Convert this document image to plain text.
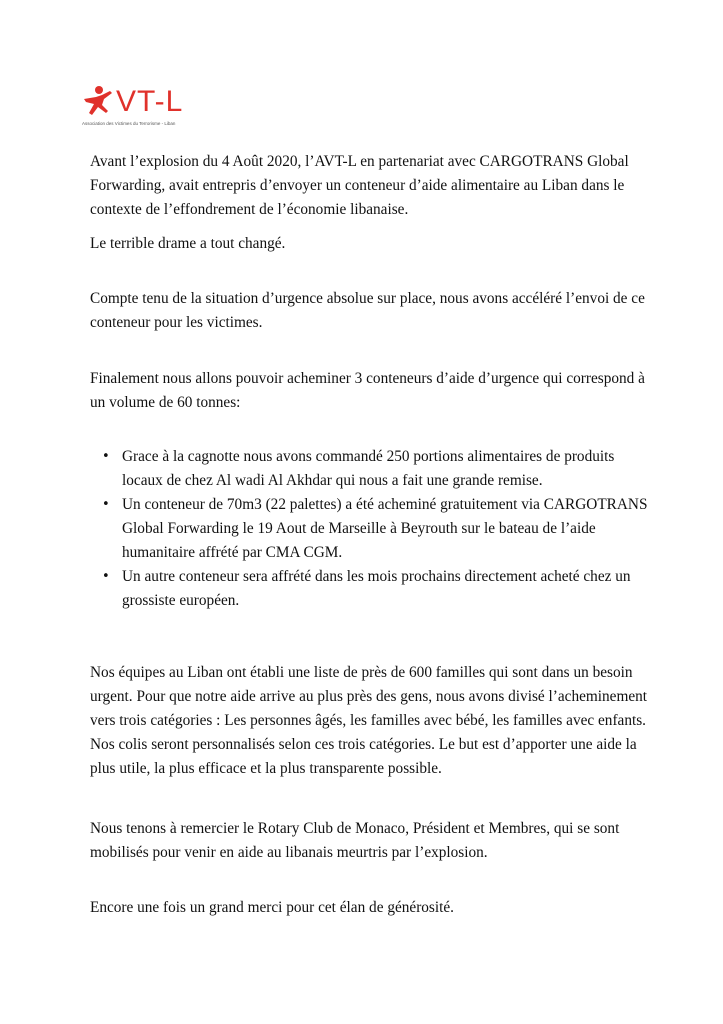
VT-L
Association des Victimes du Terrorisme - Liban

Avant l’explosion du 4 Août 2020, l’AVT-L en partenariat avec CARGOTRANS Global Forwarding, avait entrepris d’envoyer un conteneur d’aide alimentaire au Liban dans le contexte de l’effondrement de l’économie libanaise.

Le terrible drame a tout changé.

Compte tenu de la situation d’urgence absolue sur place, nous avons accéléré l’envoi de ce conteneur pour les victimes.

Finalement nous allons pouvoir acheminer 3 conteneurs d’aide d’urgence qui correspond à un volume de 60 tonnes:

• Grace à la cagnotte nous avons commandé 250 portions alimentaires de produits locaux de chez Al wadi Al Akhdar qui nous a fait une grande remise.
• Un conteneur de 70m3 (22 palettes) a été acheminé gratuitement via CARGOTRANS Global Forwarding le 19 Aout de Marseille à Beyrouth sur le bateau de l’aide humanitaire affrété par CMA CGM.
• Un autre conteneur sera affrété dans les mois prochains directement acheté chez un grossiste européen.

Nos équipes au Liban ont établi une liste de près de 600 familles qui sont dans un besoin urgent. Pour que notre aide arrive au plus près des gens, nous avons divisé l’acheminement vers trois catégories : Les personnes âgés, les familles avec bébé, les familles avec enfants. Nos colis seront personnalisés selon ces trois catégories. Le but est d’apporter une aide la plus utile, la plus efficace et la plus transparente possible.

Nous tenons à remercier le Rotary Club de Monaco, Président et Membres, qui se sont mobilisés pour venir en aide au libanais meurtris par l’explosion.

Encore une fois un grand merci pour cet élan de générosité.
